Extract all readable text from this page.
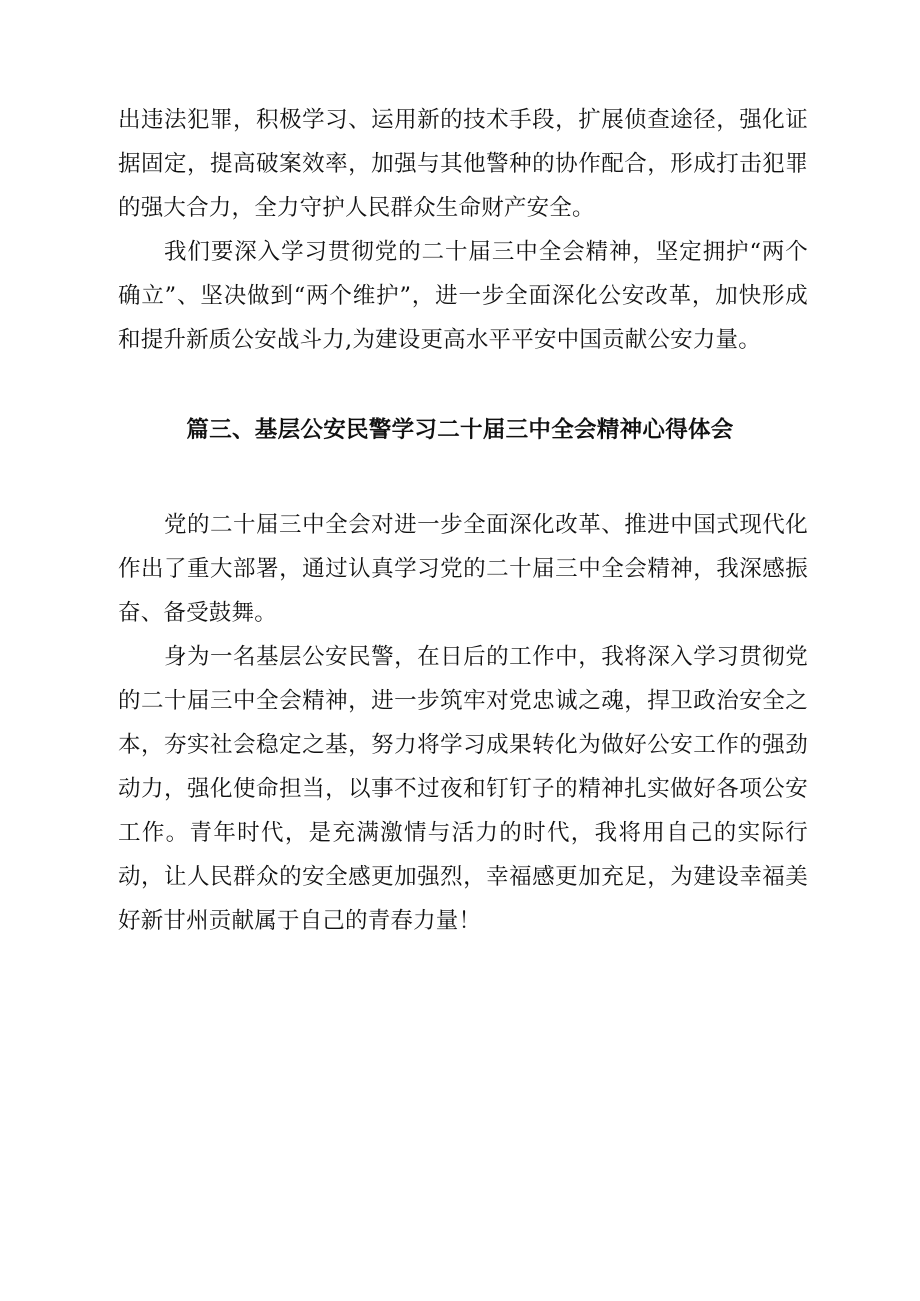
出违法犯罪，积极学习、运用新的技术手段，扩展侦查途径，强化证据固定，提高破案效率，加强与其他警种的协作配合，形成打击犯罪的强大合力，全力守护人民群众生命财产安全。

我们要深入学习贯彻党的二十届三中全会精神，坚定拥护“两个确立”、坚决做到“两个维护”，进一步全面深化公安改革，加快形成和提升新质公安战斗力,为建设更高水平平安中国贡献公安力量。

篇三、基层公安民警学习二十届三中全会精神心得体会

党的二十届三中全会对进一步全面深化改革、推进中国式现代化作出了重大部署，通过认真学习党的二十届三中全会精神，我深感振奋、备受鼓舞。

身为一名基层公安民警，在日后的工作中，我将深入学习贯彻党的二十届三中全会精神，进一步筑牢对党忠诚之魂，捍卫政治安全之本，夯实社会稳定之基，努力将学习成果转化为做好公安工作的强劲动力，强化使命担当，以事不过夜和钉钉子的精神扎实做好各项公安工作。青年时代，是充满激情与活力的时代，我将用自己的实际行动，让人民群众的安全感更加强烈，幸福感更加充足，为建设幸福美好新甘州贡献属于自己的青春力量！
